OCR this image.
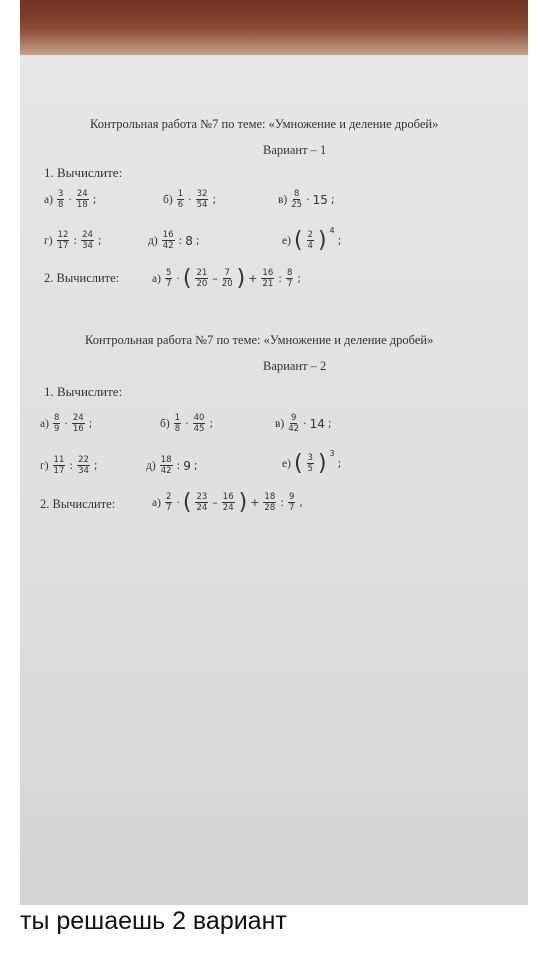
Контрольная работа №7 по теме: «Умножение и деление дробей»
Вариант – 1
1. Вычислите:
$а) \frac{3}{8} \cdot \frac{24}{18}$ ;	$б) \frac{1}{6} \cdot \frac{32}{54}$ ;	$в) \frac{8}{25} \cdot 15$ ;
$г) \frac{12}{17}$ : $\frac{24}{34}$ ;	$д) \frac{16}{42}$ : 8 ;	е) ( $\frac{2}{4}$ ) 4
;
2. Вычислите:	$а) \frac{5}{7}$ · ( $\frac{21}{20} - \frac{7}{20}$ ) + $\frac{16}{21}$ : $\frac{8}{7}$ ;
Контрольная работа №7 по теме: «Умножение и деление дробей»
Вариант – 2
1. Вычислите:
$а) \frac{8}{9} \cdot \frac{24}{16}$ ;	$б) \frac{1}{8} \cdot \frac{40}{45}$ ;	$в) \frac{9}{42} \cdot 14$ ;
$г) \frac{11}{17}$ : $\frac{22}{34}$ ;	$д) \frac{18}{42}$ : 9 ;	е) ( $\frac{3}{5}$ ) 3
;
2. Вычислите:	$а) \frac{2}{7}$ · ( $\frac{23}{24} - \frac{16}{24}$ ) + $\frac{18}{28}$ : $\frac{9}{7}$ ,
ты решаешь 2 вариант
